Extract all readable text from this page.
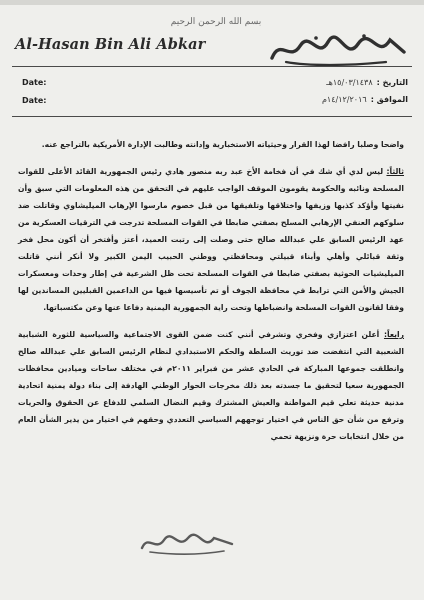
بسم الله الرحمن الرحيم
Al-Hasan Bin Ali Abkar
Date:
Date:
التاريخ :
١٥/٠٣/١٤٣٨هـ
الموافق :
١٤/١٢/٢٠١٦م

واضحا وصلبا رافضا لهذا القرار وحيثياته الاستخبارية وإدانته وطالبت الإدارة الأمريكية بالتراجع عنه.

ثالثاً: ليس لدي أي شك في أن فخامة الأخ عبد ربه منصور هادي رئيس الجمهورية القائد الأعلى للقوات المسلحة ونائبه والحكومة يقومون الموقف الواجب عليهم في التحقق من هذه المعلومات التي سبق وأن نفيتها وأؤكد كذبها وزيفها واختلاقها وتلفيقها من قبل خصوم مارسوا الإرهاب الميليشاوي وقاتلت ضد سلوكهم العنفي الإرهابي المسلح بصفتي ضابطا في القوات المسلحة تدرجت في الترقيات العسكرية من عهد الرئيس السابق علي عبدالله صالح حتى وصلت إلى رتبت العميد، أعتز وأفتخر أن أكون محل فخر وثقة قبائلي وأهلي وأبناء قبيلتي ومحافظتي ووطني الحبيب اليمن الكبير ولا أنكر أنني قاتلت الميليشيات الحوثية بصفتي ضابطا في القوات المسلحة تحت ظل الشرعية في إطار وحدات ومعسكرات الجيش والأمن التي ترابط في محافظة الجوف أو تم تأسيسها فيها من الداعمين القبليين المساندين لها وفقا لقانون القوات المسلحة وانضباطها وتحت راية الجمهورية اليمنية دفاعا عنها وعن مكتسباتها.

رابعاً: أعلن اعتزازي وفخري وتشرفي أنني كنت ضمن القوى الاجتماعية والسياسية للثورة الشبابية الشعبية التي انتفضت ضد توريث السلطة والحكم الاستبدادي لنظام الرئيس السابق علي عبدالله صالح وانطلقت جموعها المباركة في الحادي عشر من فبراير ٢٠١١م في مختلف ساحات وميادين محافظات الجمهورية سعيا لتحقيق ما جسدته بعد ذلك مخرجات الحوار الوطني الهادفة إلى بناء دولة يمنية اتحادية مدنية حديثة تعلي قيم المواطنة والعيش المشترك وقيم النضال السلمي للدفاع عن الحقوق والحريات وترفع من شأن حق الناس في اختيار توجههم السياسي التعددي وحقهم في اختيار من يدير الشأن العام من خلال انتخابات حرة ونزيهة تحمي
